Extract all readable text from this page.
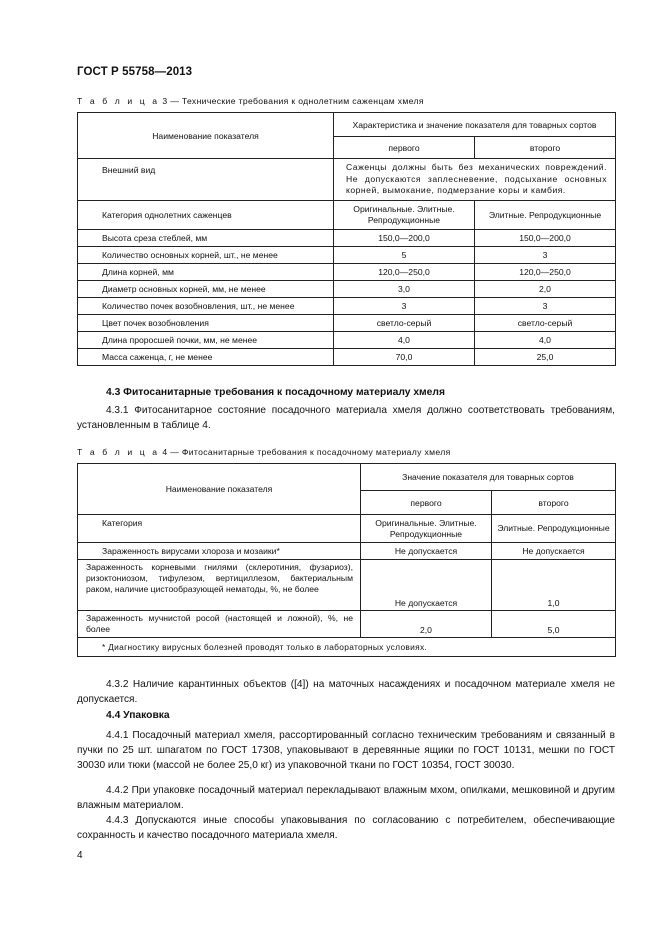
ГОСТ Р 55758—2013
Т а б л и ц а 3 — Технические требования к однолетним саженцам хмеля
Наименование показателя	Характеристика и значение показателя для товарных сортов	
	первого	второго
Внешний вид	Саженцы должны быть без механических повреждений. Не допускаются заплесневение, подсыхание основных корней, вымокание, подмерзание коры и камбия.	
Категория однолетних саженцев	Оригинальные. Элитные. Репродукционные	Элитные. Репродукционные
Высота среза стеблей, мм	150,0—200,0	150,0—200,0
Количество основных корней, шт., не менее	5	3
Длина корней, мм	120,0—250,0	120,0—250,0
Диаметр основных корней, мм, не менее	3,0	2,0
Количество почек возобновления, шт., не менее	3	3
Цвет почек возобновления	светло-серый	светло-серый
Длина проросшей почки, мм, не менее	4,0	4,0
Масса саженца, г, не менее	70,0	25,0
4.3 Фитосанитарные требования к посадочному материалу хмеля
4.3.1 Фитосанитарное состояние посадочного материала хмеля должно соответствовать требованиям, установленным в таблице 4.
Т а б л и ц а 4 — Фитосанитарные требования к посадочному материалу хмеля
Наименование показателя	Значение показателя для товарных сортов	
	первого	второго
Категория	Оригинальные. Элитные. Репродукционные	Элитные. Репродукционные
Зараженность вирусами хлороза и мозаики*	Не допускается	Не допускается
Зараженность корневыми гнилями (склеротиния, фузариоз), ризоктониозом, тифулезом, вертициллезом, бактериальным раком, наличие цистообразующей нематоды, %, не более	Не допускается	1,0
Зараженность мучнистой росой (настоящей и ложной), %, не более	2,0	5,0
* Диагностику вирусных болезней проводят только в лабораторных условиях.		
4.3.2 Наличие карантинных объектов ([4]) на маточных насаждениях и посадочном материале хмеля не допускается.
4.4 Упаковка
4.4.1 Посадочный материал хмеля, рассортированный согласно техническим требованиям и связанный в пучки по 25 шт. шпагатом по ГОСТ 17308, упаковывают в деревянные ящики по ГОСТ 10131, мешки по ГОСТ 30030 или тюки (массой не более 25,0 кг) из упаковочной ткани по ГОСТ 10354, ГОСТ 30030.
4.4.2 При упаковке посадочный материал перекладывают влажным мхом, опилками, мешковиной и другим влажным материалом.
4.4.3 Допускаются иные способы упаковывания по согласованию с потребителем, обеспечивающие сохранность и качество посадочного материала хмеля.
4
